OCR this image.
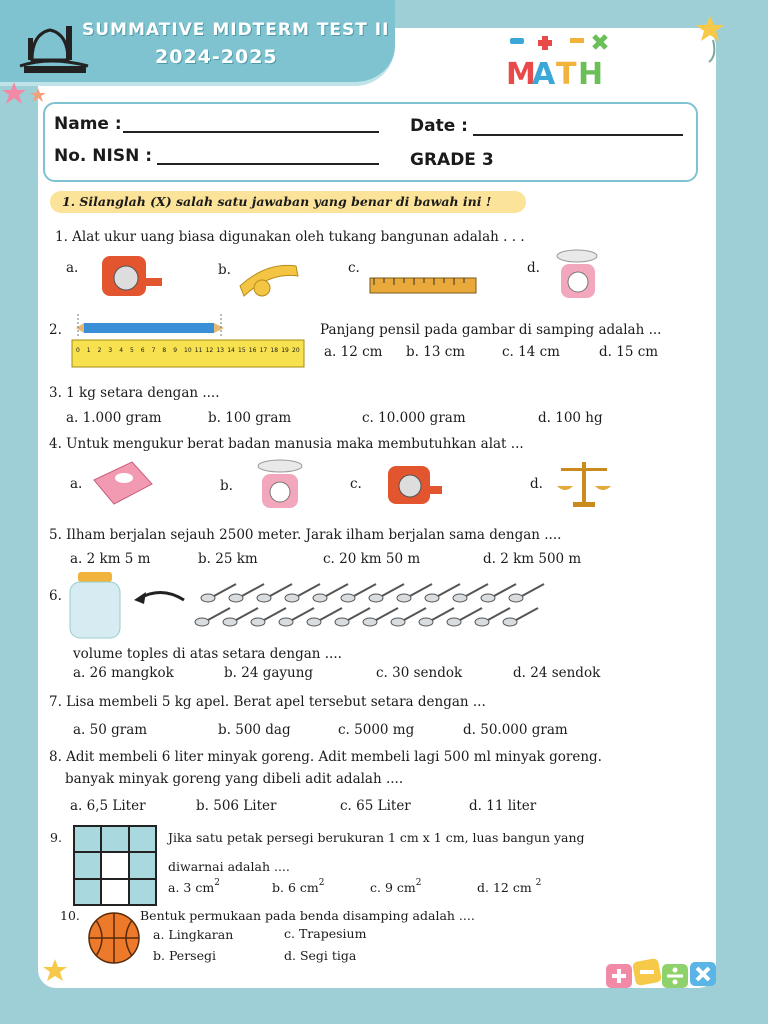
SUMMATIVE MIDTERM TEST II
2024-2025	M
A T H
Name :
No. NISN :
Date :
GRADE 3
1. Silanglah (X) salah satu jawaban yang benar di bawah ini !
1. Alat ukur uang biasa digunakan oleh tukang bangunan adalah . . .
a.	b.	c.	d.
2.
0 1 2 3 4 5 6 7 8 9 10 11 12 13 14 15 16 17 18 19 20
Panjang pensil pada gambar di samping adalah ...
a. 12 cm b. 13 cm	c. 14 cm	d. 15 cm
3. 1 kg setara dengan ....
a. 1.000 gram	b. 100 gram	c. 10.000 gram	d. 100 hg
4. Untuk mengukur berat badan manusia maka membutuhkan alat ...
a.	b.	c.	d.
5. Ilham berjalan sejauh 2500 meter. Jarak ilham berjalan sama dengan ....
a. 2 km 5 m	b. 25 km	c. 20 km 50 m	d. 2 km 500 m
6.
volume toples di atas setara dengan ....
a. 26 mangkok	b. 24 gayung	c. 30 sendok	d. 24 sendok
7. Lisa membeli 5 kg apel. Berat apel tersebut setara dengan ...
a. 50 gram	b. 500 dag	c. 5000 mg	d. 50.000 gram
8. Adit membeli 6 liter minyak goreng. Adit membeli lagi 500 ml minyak goreng.
banyak minyak goreng yang dibeli adit adalah ....
a. 6,5 Liter	b. 506 Liter	c. 65 Liter	d. 11 liter
9.	Jika satu petak persegi berukuran 1 cm x 1 cm, luas bangun yang
diwarnai adalah ....
a. 3 $cm^2$	b. 6 $cm^2$	c. 9 $cm^2$	d. 12 cm $^2$
10.	Bentuk permukaan pada benda disamping adalah ....
a. Lingkaran	c. Trapesium
b. Persegi	d. Segi tiga
